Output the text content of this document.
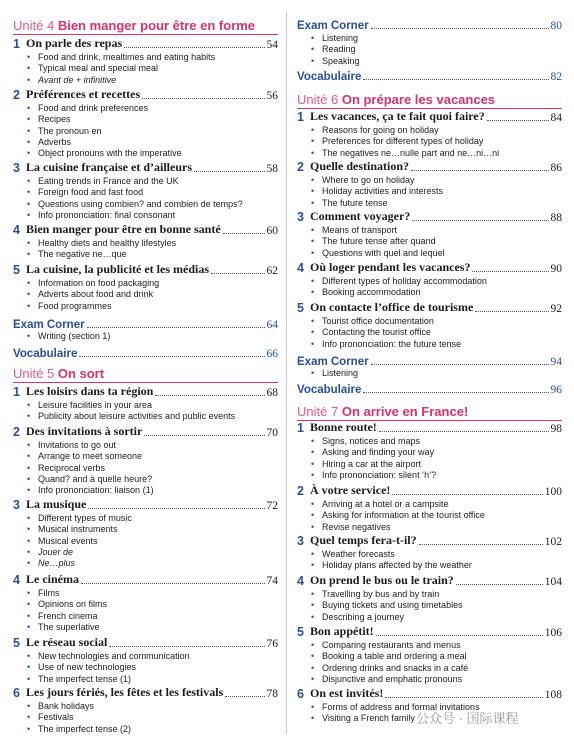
Unité 4 Bien manger pour être en forme
1 On parle des repas	54
• Food and drink, mealtimes and eating habits
• Typical meal and special meal
• Avant de + infinitive
2 Préférences et recettes	56
• Food and drink preferences
• Recipes
• The pronoun en
• Adverbs
• Object pronouns with the imperative
3 La cuisine française et d’ailleurs	58
• Eating trends in France and the UK
• Foreign food and fast food
• Questions using combien? and combien de temps?
• Info prononciation: final consonant
4 Bien manger pour être en bonne santé	60
• Healthy diets and healthy lifestyles
• The negative ne…que
5 La cuisine, la publicité et les médias	62
• Information on food packaging
• Adverts about food and drink
• Food programmes
Exam Corner	64
• Writing (section 1)
Vocabulaire	66
Unité 5 On sort
1 Les loisirs dans ta région	68
• Leisure facilities in your area
• Publicity about leisure activities and public events
2 Des invitations à sortir	70
• Invitations to go out
• Arrange to meet someone
• Reciprocal verbs
• Quand? and à quelle heure?
• Info prononciation: liaison (1)
3 La musique	72
• Different types of music
• Musical instruments
• Musical events
• Jouer de
• Ne…plus
4 Le cinéma	74
• Films
• Opinions on films
• French cinema
• The superlative
5 Le réseau social	76
• New technologies and communication
• Use of new technologies
• The imperfect tense (1)
6 Les jours fériés, les fêtes et les festivals	78
• Bank holidays
• Festivals
• The imperfect tense (2)
Exam Corner	80
• Listening
• Reading
• Speaking
Vocabulaire	82
Unité 6 On prépare les vacances
1 Les vacances, ça te fait quoi faire?	84
• Reasons for going on holiday
• Preferences for different types of holiday
• The negatives ne…nulle part and ne…ni…ni
2 Quelle destination?	86
• Where to go on holiday
• Holiday activities and interests
• The future tense
3 Comment voyager?	88
• Means of transport
• The future tense after quand
• Questions with quel and lequel
4 Où loger pendant les vacances?	90
• Different types of holiday accommodation
• Booking accommodation
5 On contacte l’office de tourisme	92
• Tourist office documentation
• Contacting the tourist office
• Info prononciation: the future tense
Exam Corner	94
• Listening
Vocabulaire	96
Unité 7 On arrive en France!
1 Bonne route!	98
• Signs, notices and maps
• Asking and finding your way
• Hiring a car at the airport
• Info prononciation: silent ‘h’?
2 À votre service!	100
• Arriving at a hotel or a campsite
• Asking for information at the tourist office
• Revise negatives
3 Quel temps fera-t-il?	102
• Weather forecasts
• Holiday plans affected by the weather
4 On prend le bus ou le train?	104
• Travelling by bus and by train
• Buying tickets and using timetables
• Describing a journey
5 Bon appétit!	106
• Comparing restaurants and menus
• Booking a table and ordering a meal
• Ordering drinks and snacks in a café
• Disjunctive and emphatic pronouns
6 On est invités!	108
• Forms of address and formal invitations
• Visiting a French family 公众号 · 国际课程
